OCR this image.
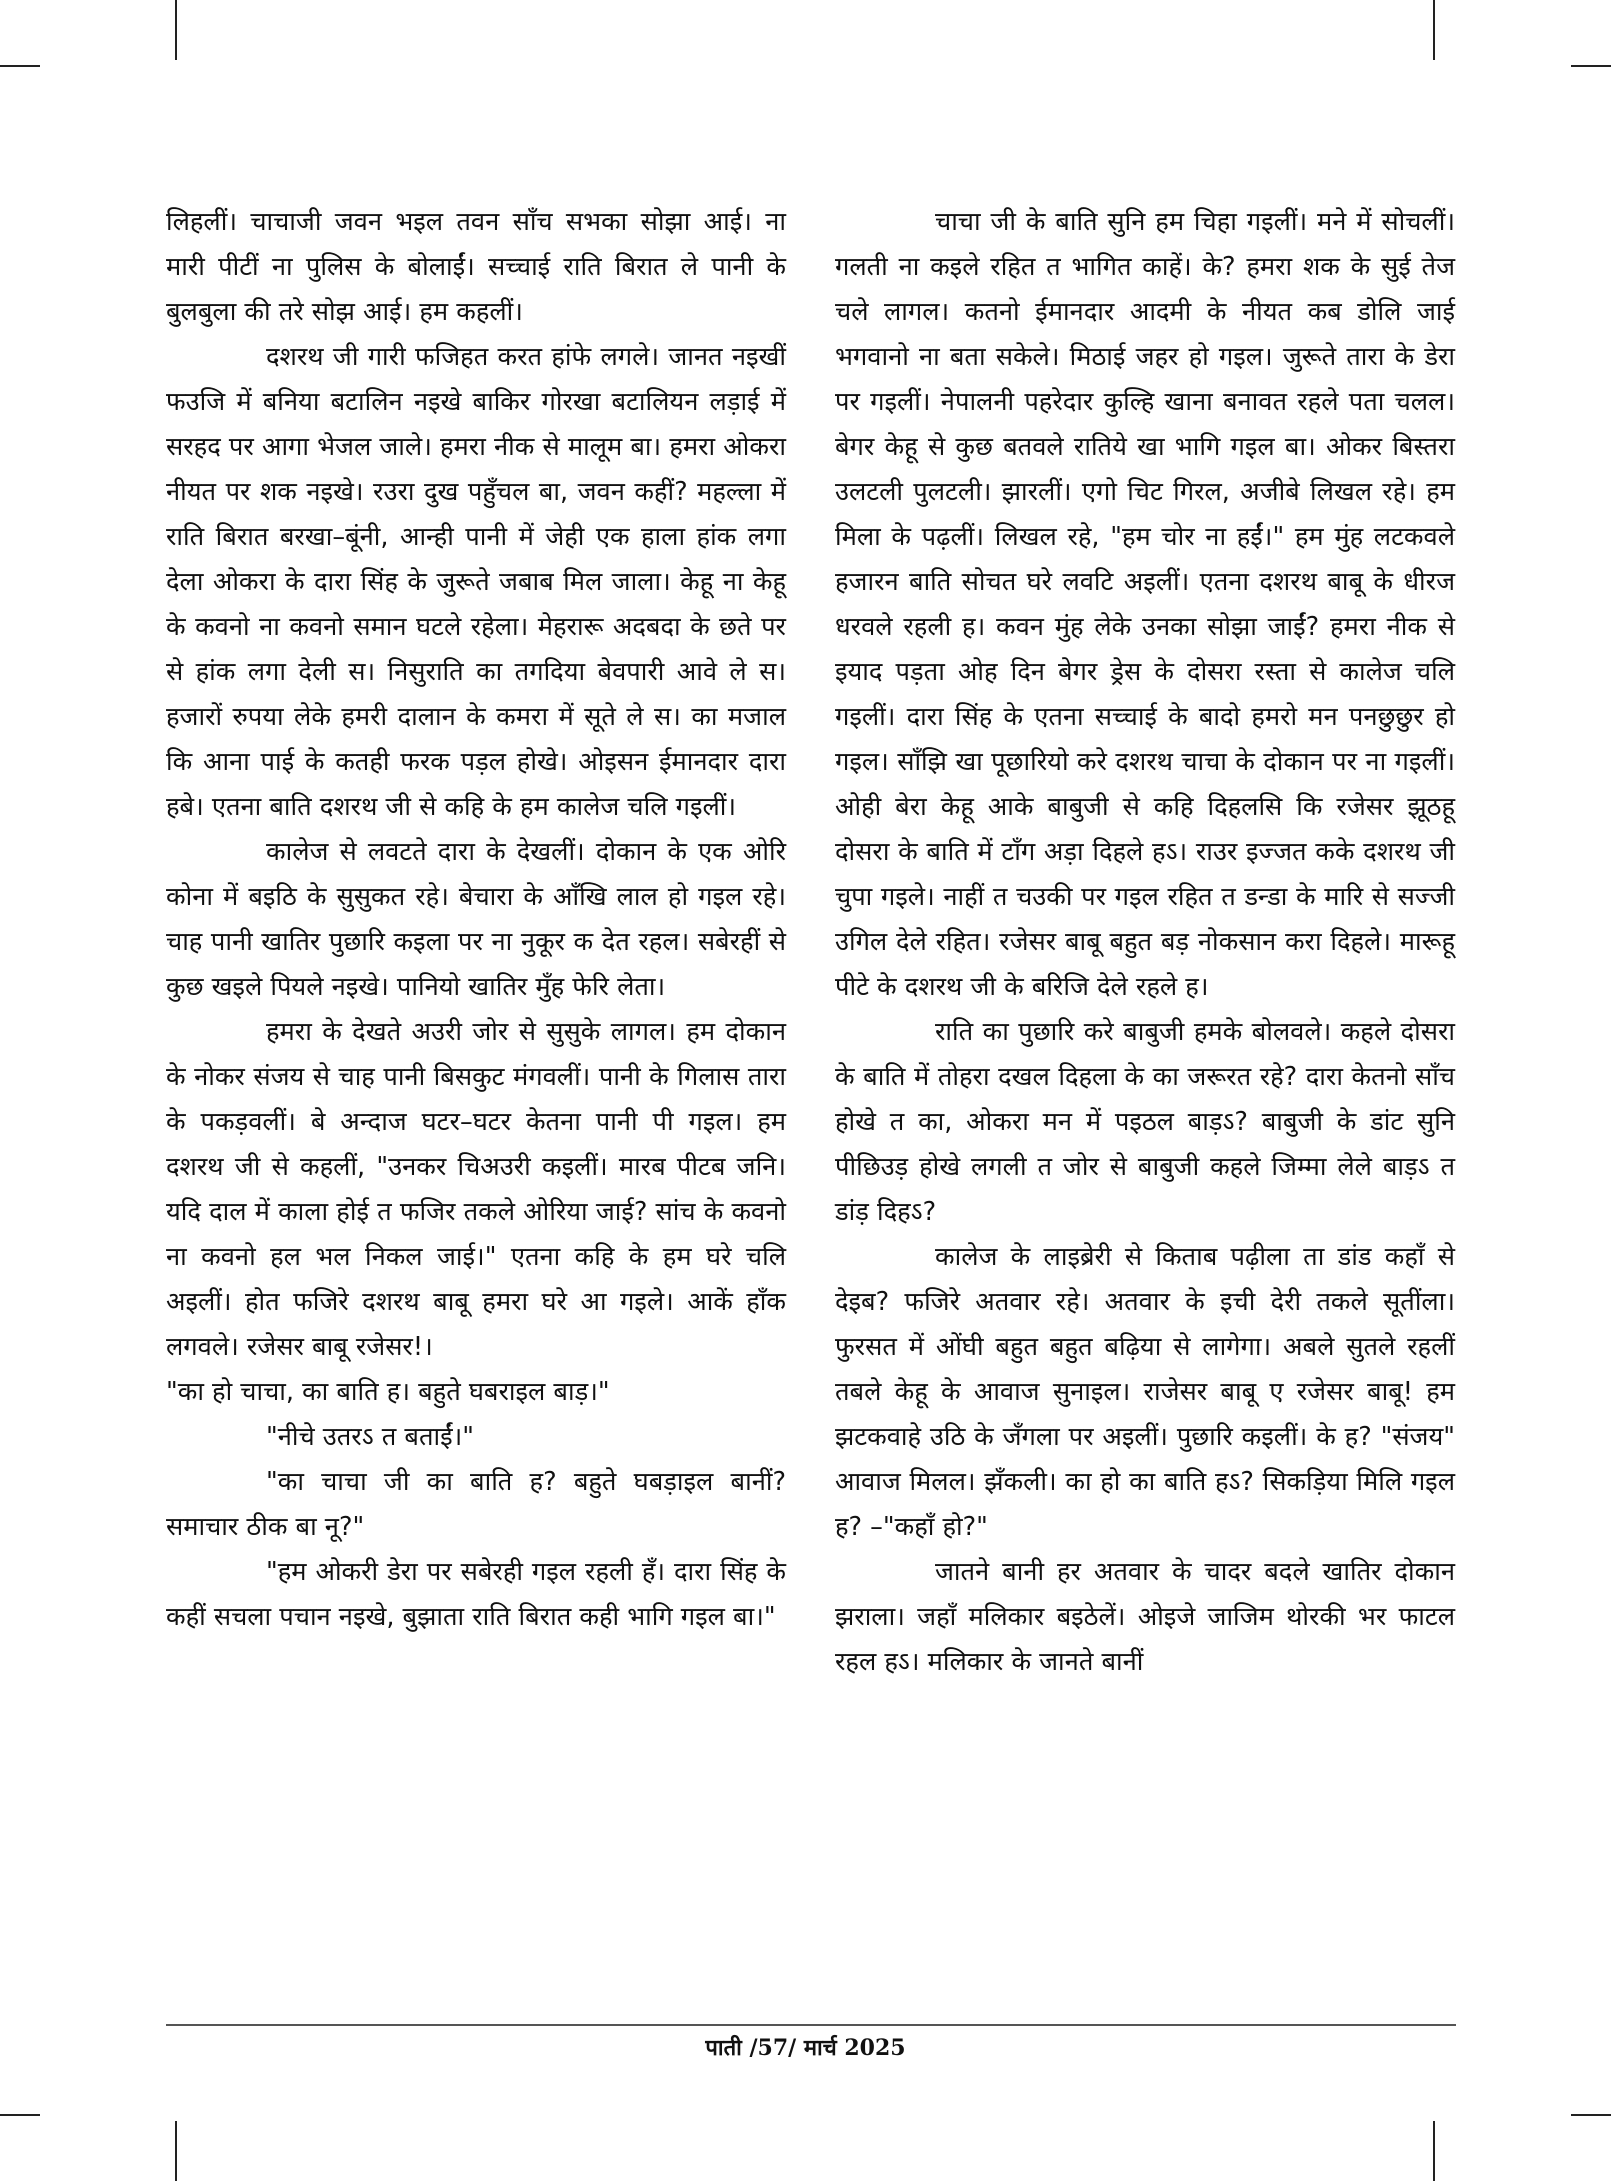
लिहलीं। चाचाजी जवन भइल तवन साँच सभका सोझा आई। ना मारी पीटीं ना पुलिस के बोलाईं। सच्चाई राति बिरात ले पानी के बुलबुला की तरे सोझ आई। हम कहलीं।

दशरथ जी गारी फजिहत करत हांफे लगले। जानत नइखीं फउजि में बनिया बटालिन नइखे बाकिर गोरखा बटालियन लड़ाई में सरहद पर आगा भेजल जाले। हमरा नीक से मालूम बा। हमरा ओकरा नीयत पर शक नइखे। रउरा दुख पहुँचल बा, जवन कहीं? महल्ला में राति बिरात बरखा–बूंनी, आन्ही पानी में जेही एक हाला हांक लगा देला ओकरा के दारा सिंह के जुरूते जबाब मिल जाला। केहू ना केहू के कवनो ना कवनो समान घटले रहेला। मेहरारू अदबदा के छते पर से हांक लगा देली स। निसुराति का तगदिया बेवपारी आवे ले स। हजारों रुपया लेके हमरी दालान के कमरा में सूते ले स। का मजाल कि आना पाई के कतही फरक पड़ल होखे। ओइसन ईमानदार दारा हबे। एतना बाति दशरथ जी से कहि के हम कालेज चलि गइलीं।

कालेज से लवटते दारा के देखलीं। दोकान के एक ओरि कोना में बइठि के सुसुकत रहे। बेचारा के आँखि लाल हो गइल रहे। चाह पानी खातिर पुछारि कइला पर ना नुकूर क देत रहल। सबेरहीं से कुछ खइले पियले नइखे। पानियो खातिर मुँह फेरि लेता।

हमरा के देखते अउरी जोर से सुसुके लागल। हम दोकान के नोकर संजय से चाह पानी बिसकुट मंगवलीं। पानी के गिलास तारा के पकड़वलीं। बे अन्दाज घटर–घटर केतना पानी पी गइल। हम दशरथ जी से कहलीं, "उनकर चिअउरी कइलीं। मारब पीटब जनि। यदि दाल में काला होई त फजिर तकले ओरिया जाई? सांच के कवनो ना कवनो हल भल निकल जाई।" एतना कहि के हम घरे चलि अइलीं। होत फजिरे दशरथ बाबू हमरा घरे आ गइले। आकें हाँक लगवले। रजेसर बाबू रजेसर!।

"का हो चाचा, का बाति ह। बहुते घबराइल बाड़।"

"नीचे उतरऽ त बताईं।"

"का चाचा जी का बाति ह? बहुते घबड़ाइल बानीं? समाचार ठीक बा नू?"

"हम ओकरी डेरा पर सबेरही गइल रहली हँ। दारा सिंह के कहीं सचला पचान नइखे, बुझाता राति बिरात कही भागि गइल बा।"

चाचा जी के बाति सुनि हम चिहा गइलीं। मने में सोचलीं। गलती ना कइले रहित त भागित काहें। के? हमरा शक के सुई तेज चले लागल। कतनो ईमानदार आदमी के नीयत कब डोलि जाई भगवानो ना बता सकेले। मिठाई जहर हो गइल। जुरूते तारा के डेरा पर गइलीं। नेपालनी पहरेदार कुल्हि खाना बनावत रहले पता चलल। बेगर केहू से कुछ बतवले रातिये खा भागि गइल बा। ओकर बिस्तरा उलटली पुलटली। झारलीं। एगो चिट गिरल, अजीबे लिखल रहे। हम मिला के पढ़लीं। लिखल रहे, "हम चोर ना हईं।" हम मुंह लटकवले हजारन बाति सोचत घरे लवटि अइलीं। एतना दशरथ बाबू के धीरज धरवले रहली ह। कवन मुंह लेके उनका सोझा जाईं? हमरा नीक से इयाद पड़ता ओह दिन बेगर ड्रेस के दोसरा रस्ता से कालेज चलि गइलीं। दारा सिंह के एतना सच्चाई के बादो हमरो मन पनछुछुर हो गइल। साँझि खा पूछारियो करे दशरथ चाचा के दोकान पर ना गइलीं। ओही बेरा केहू आके बाबुजी से कहि दिहलसि कि रजेसर झूठहू दोसरा के बाति में टाँग अड़ा दिहले हऽ। राउर इज्जत कके दशरथ जी चुपा गइले। नाहीं त चउकी पर गइल रहित त डन्डा के मारि से सज्जी उगिल देले रहित। रजेसर बाबू बहुत बड़ नोकसान करा दिहले। मारूहू पीटे के दशरथ जी के बरिजि देले रहले ह।

राति का पुछारि करे बाबुजी हमके बोलवले। कहले दोसरा के बाति में तोहरा दखल दिहला के का जरूरत रहे? दारा केतनो साँच होखे त का, ओकरा मन में पइठल बाड़ऽ? बाबुजी के डांट सुनि पीछिउड़ होखे लगली त जोर से बाबुजी कहले जिम्मा लेले बाड़ऽ त डांड़ दिहऽ?

कालेज के लाइब्रेरी से किताब पढ़ीला ता डांड कहाँ से देइब? फजिरे अतवार रहे। अतवार के इची देरी तकले सूतींला। फुरसत में ओंघी बहुत बहुत बढ़िया से लागेगा। अबले सुतले रहलीं तबले केहू के आवाज सुनाइल। राजेसर बाबू ए रजेसर बाबू! हम झटकवाहे उठि के जँगला पर अइलीं। पुछारि कइलीं। के ह? "संजय" आवाज मिलल। झँकली। का हो का बाति हऽ? सिकड़िया मिलि गइल ह? –"कहाँ हो?"

जातने बानी हर अतवार के चादर बदले खातिर दोकान झराला। जहाँ मलिकार बइठेलें। ओइजे जाजिम थोरकी भर फाटल रहल हऽ। मलिकार के जानते बानीं

पाती /57/ मार्च 2025
